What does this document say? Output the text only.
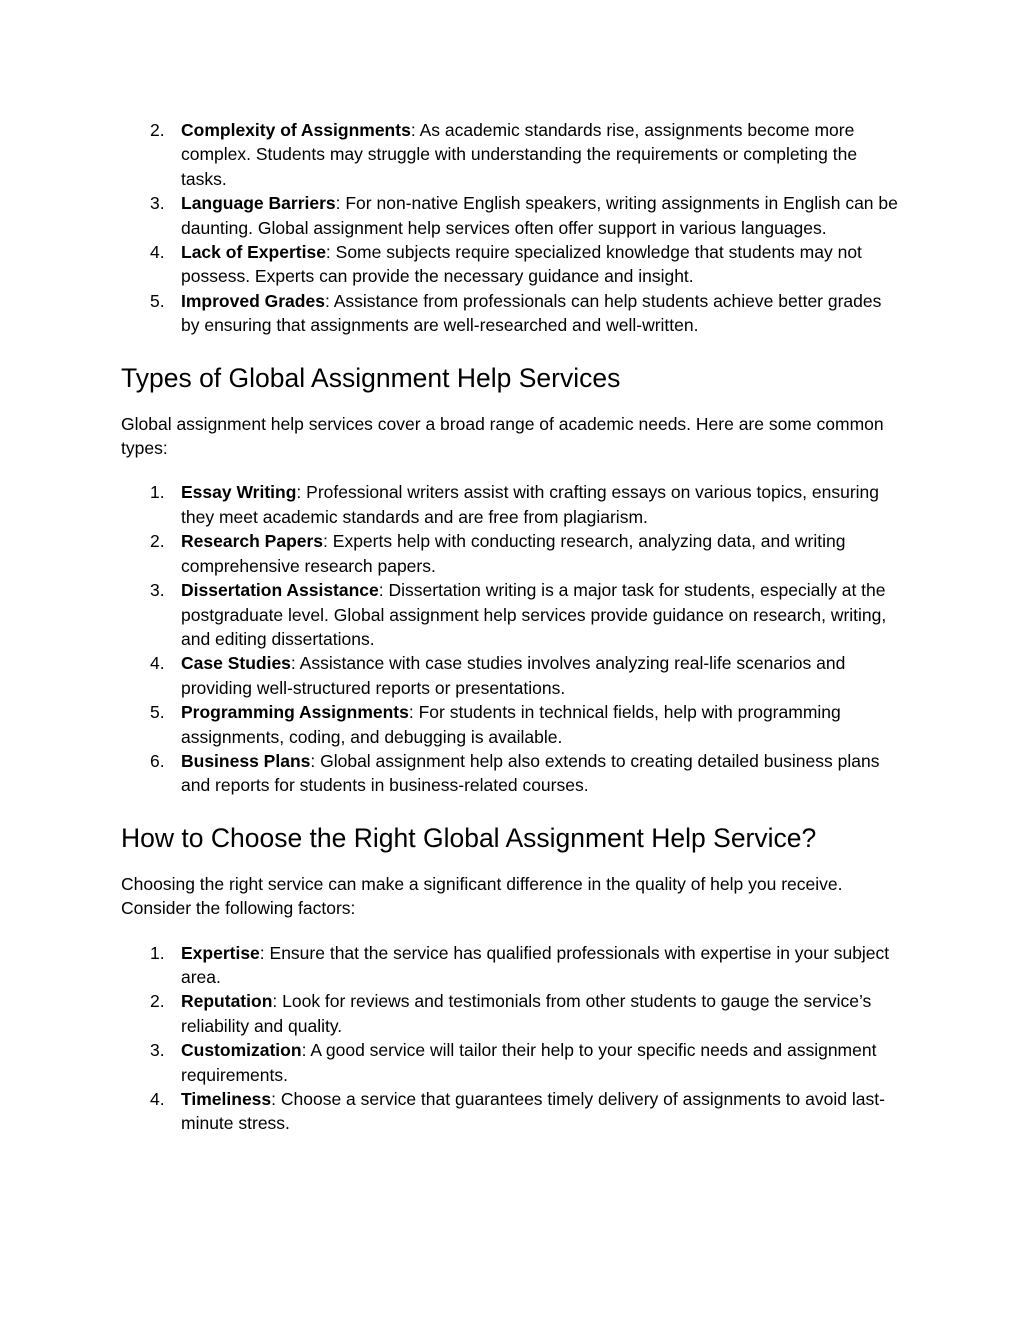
2. Complexity of Assignments: As academic standards rise, assignments become more complex. Students may struggle with understanding the requirements or completing the tasks.
3. Language Barriers: For non-native English speakers, writing assignments in English can be daunting. Global assignment help services often offer support in various languages.
4. Lack of Expertise: Some subjects require specialized knowledge that students may not possess. Experts can provide the necessary guidance and insight.
5. Improved Grades: Assistance from professionals can help students achieve better grades by ensuring that assignments are well-researched and well-written.
Types of Global Assignment Help Services

Global assignment help services cover a broad range of academic needs. Here are some common types:

1. Essay Writing: Professional writers assist with crafting essays on various topics, ensuring they meet academic standards and are free from plagiarism.
2. Research Papers: Experts help with conducting research, analyzing data, and writing comprehensive research papers.
3. Dissertation Assistance: Dissertation writing is a major task for students, especially at the postgraduate level. Global assignment help services provide guidance on research, writing, and editing dissertations.
4. Case Studies: Assistance with case studies involves analyzing real-life scenarios and providing well-structured reports or presentations.
5. Programming Assignments: For students in technical fields, help with programming assignments, coding, and debugging is available.
6. Business Plans: Global assignment help also extends to creating detailed business plans and reports for students in business-related courses.
How to Choose the Right Global Assignment Help Service?

Choosing the right service can make a significant difference in the quality of help you receive. Consider the following factors:

1. Expertise: Ensure that the service has qualified professionals with expertise in your subject area.
2. Reputation: Look for reviews and testimonials from other students to gauge the service’s reliability and quality.
3. Customization: A good service will tailor their help to your specific needs and assignment requirements.
4. Timeliness: Choose a service that guarantees timely delivery of assignments to avoid last-minute stress.
